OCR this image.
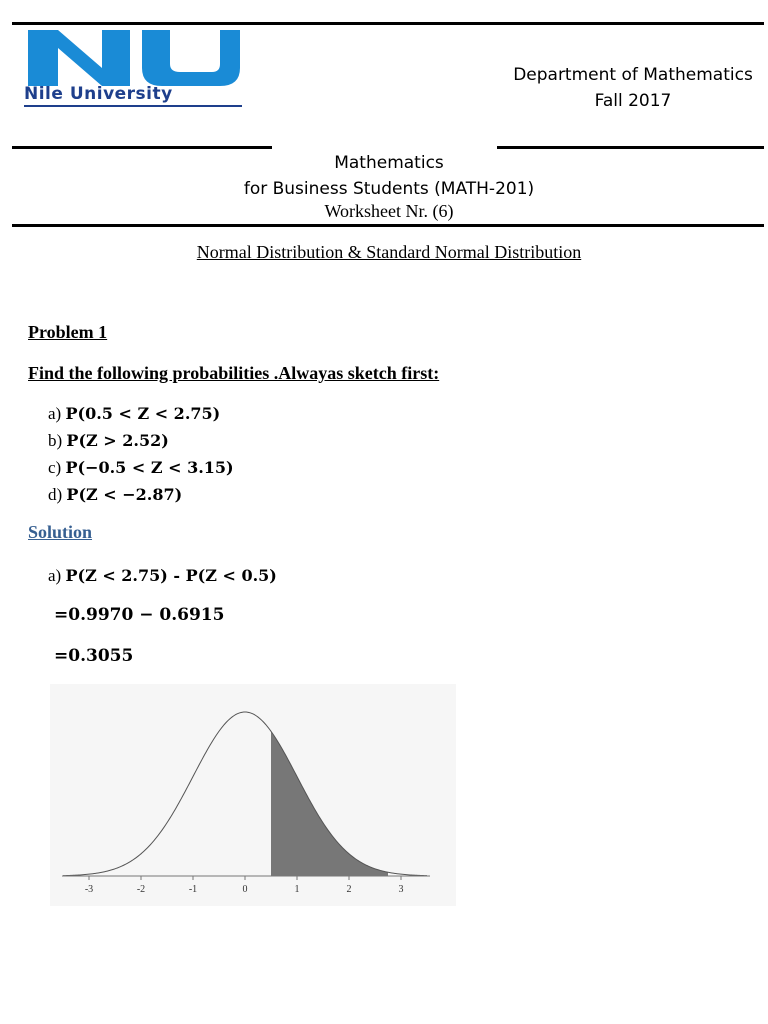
Nile University
Department of Mathematics
Fall 2017
Mathematics
for Business Students (MATH-201)
Worksheet Nr. (6)
Normal Distribution & Standard Normal Distribution
Problem 1
Find the following probabilities .Alwayas sketch first:
a) P(0.5 < Z < 2.75)
b) P(Z > 2.52)
c) P(−0.5 < Z < 3.15)
d) P(Z < −2.87)
Solution
a) P(Z < 2.75) - P(Z < 0.5)
=0.9970 − 0.6915
=0.3055
-3	-2	-1	0	1	2	3
